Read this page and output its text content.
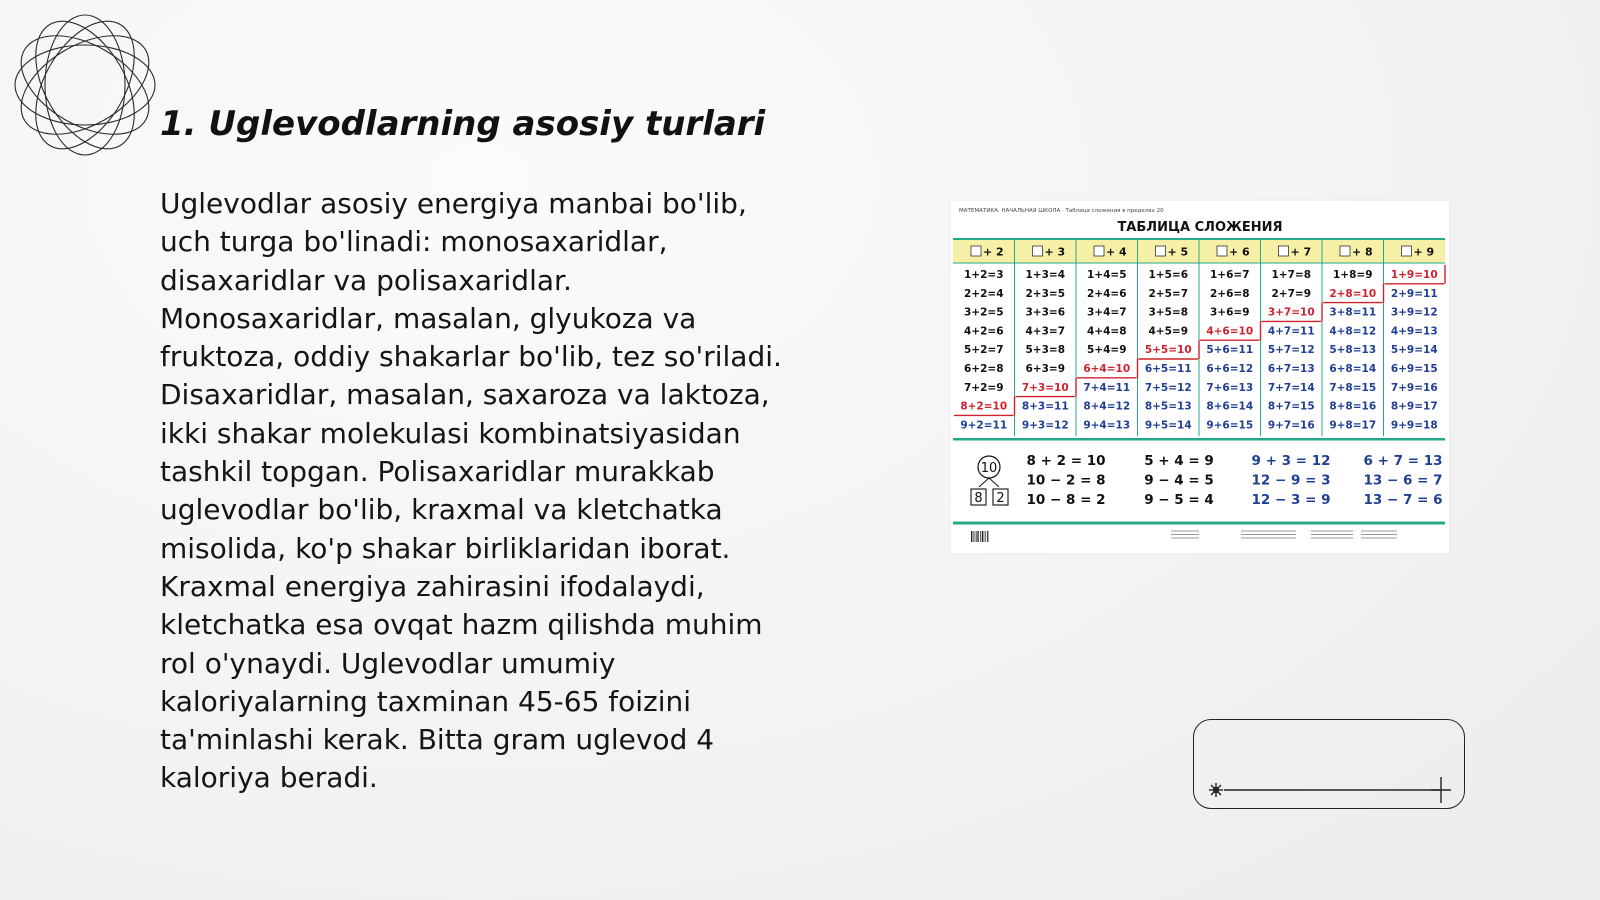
1. Uglevodlarning asosiy turlari
Uglevodlar asosiy energiya manbai bo'lib,
uch turga bo'linadi: monosaxaridlar,
disaxaridlar va polisaxaridlar.
Monosaxaridlar, masalan, glyukoza va
fruktoza, oddiy shakarlar bo'lib, tez so'riladi.
Disaxaridlar, masalan, saxaroza va laktoza,
ikki shakar molekulasi kombinatsiyasidan
tashkil topgan. Polisaxaridlar murakkab
uglevodlar bo'lib, kraxmal va kletchatka
misolida, ko'p shakar birliklaridan iborat.
Kraxmal energiya zahirasini ifodalaydi,
kletchatka esa ovqat hazm qilishda muhim
rol o'ynaydi. Uglevodlar umumiy
kaloriyalarning taxminan 45-65 foizini
ta'minlashi kerak. Bitta gram uglevod 4
kaloriya beradi.
МАТЕМАТИКА. НАЧАЛЬНАЯ ШКОЛА · Таблица сложения в пределах 20
ТАБЛИЦА СЛОЖЕНИЯ
+ 2	+ 3	+ 4	+ 5	+ 6	+ 7	+ 8	+ 9
1+2=3 1+3=4 1+4=5 1+5=6 1+6=7 1+7=8 1+8=9 1+9=10
2+2=4 2+3=5 2+4=6 2+5=7 2+6=8 2+7=9 2+8=10 2+9=11
3+2=5 3+3=6 3+4=7 3+5=8 3+6=9 3+7=10 3+8=11 3+9=12
4+2=6 4+3=7 4+4=8 4+5=9 4+6=10 4+7=11 4+8=12 4+9=13
5+2=7 5+3=8 5+4=9 5+5=10 5+6=11 5+7=12 5+8=13 5+9=14
6+2=8 6+3=9 6+4=10 6+5=11 6+6=12 6+7=13 6+8=14 6+9=15
7+2=9 7+3=10 7+4=11 7+5=12 7+6=13 7+7=14 7+8=15 7+9=16
8+2=10 8+3=11 8+4=12 8+5=13 8+6=14 8+7=15 8+8=16 8+9=17
9+2=11 9+3=12 9+4=13 9+5=14 9+6=15 9+7=16 9+8=17 9+9=18
10
8 2
8 + 2 = 10
10 − 2 = 8
10 − 8 = 2
5 + 4 = 9
9 − 4 = 5
9 − 5 = 4
9 + 3 = 12
12 − 9 = 3
12 − 3 = 9
6 + 7 = 13
13 − 6 = 7
13 − 7 = 6
